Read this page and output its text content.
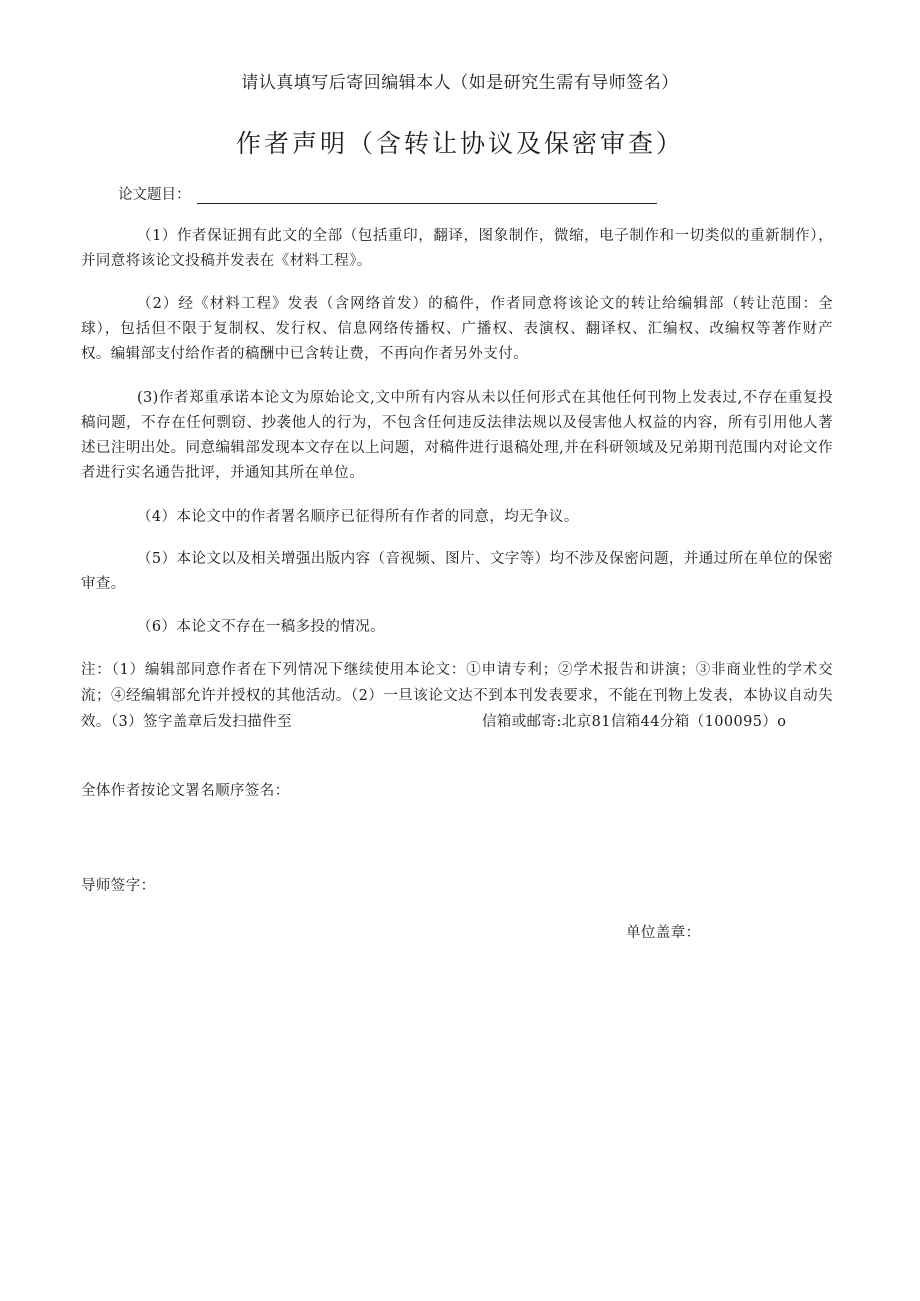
请认真填写后寄回编辑本人（如是研究生需有导师签名）
作者声明（含转让协议及保密审查）
论文题目：
（1）作者保证拥有此文的全部（包括重印，翻译，图象制作，微缩，电子制作和一切类似的重新制作），并同意将该论文投稿并发表在《材料工程》。
（2）经《材料工程》发表（含网络首发）的稿件，作者同意将该论文的转让给编辑部（转让范围：全球），包括但不限于复制权、发行权、信息网络传播权、广播权、表演权、翻译权、汇编权、改编权等著作财产权。编辑部支付给作者的稿酬中已含转让费，不再向作者另外支付。
(3)作者郑重承诺本论文为原始论文,文中所有内容从未以任何形式在其他任何刊物上发表过,不存在重复投稿问题，不存在任何剽窃、抄袭他人的行为，不包含任何违反法律法规以及侵害他人权益的内容，所有引用他人著述已注明出处。同意编辑部发现本文存在以上问题，对稿件进行退稿处理,并在科研领域及兄弟期刊范围内对论文作者进行实名通告批评，并通知其所在单位。
（4）本论文中的作者署名顺序已征得所有作者的同意，均无争议。
（5）本论文以及相关增强出版内容（音视频、图片、文字等）均不涉及保密问题，并通过所在单位的保密审查。
（6）本论文不存在一稿多投的情况。
注：（1）编辑部同意作者在下列情况下继续使用本论文：①申请专利；②学术报告和讲演；③非商业性的学术交流；④经编辑部允许并授权的其他活动。（2）一旦该论文达不到本刊发表要求，不能在刊物上发表，本协议自动失效。（3）签字盖章后发扫描件至	信箱或邮寄:北京81信箱44分箱（100095）o
全体作者按论文署名顺序签名：
导师签字：
单位盖章：
